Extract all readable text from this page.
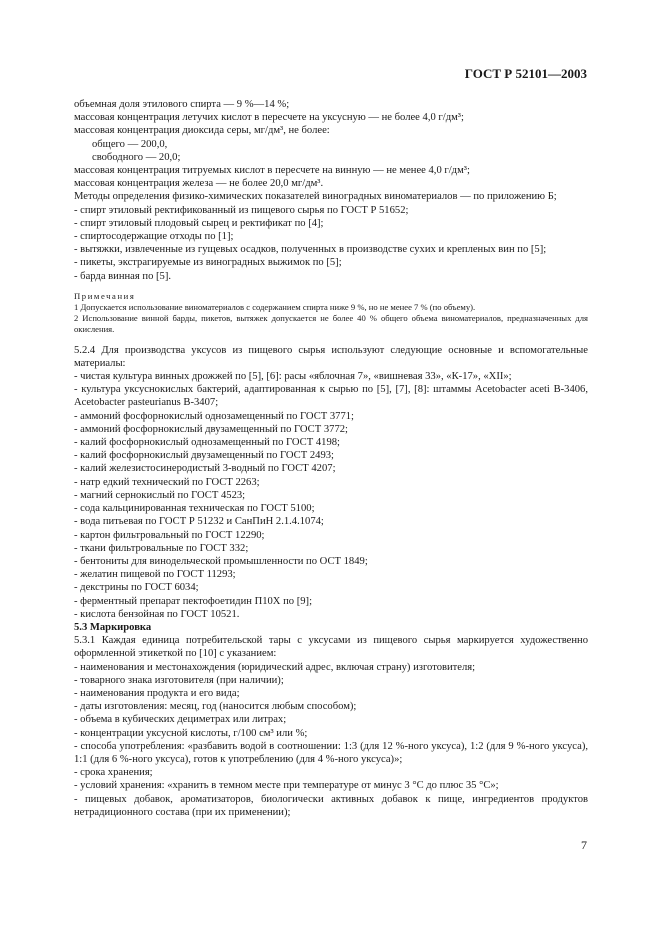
ГОСТ Р 52101—2003
объемная доля этилового спирта — 9 %—14 %;
массовая концентрация летучих кислот в пересчете на уксусную — не более 4,0 г/дм³;
массовая концентрация диоксида серы, мг/дм³, не более:
общего — 200,0,
свободного — 20,0;
массовая концентрация титруемых кислот в пересчете на винную — не менее 4,0 г/дм³;
массовая концентрация железа — не более 20,0 мг/дм³.
Методы определения физико-химических показателей виноградных виноматериалов — по приложению Б;
- спирт этиловый ректификованный из пищевого сырья по ГОСТ Р 51652;
- спирт этиловый плодовый сырец и ректификат по [4];
- спиртосодержащие отходы по [1];
- вытяжки, извлеченные из гущевых осадков, полученных в производстве сухих и крепленых вин по [5];
- пикеты, экстрагируемые из виноградных выжимок по [5];
- барда винная по [5].
Примечания
1 Допускается использование виноматериалов с содержанием спирта ниже 9 %, но не менее 7 % (по объему).
2 Использование винной барды, пикетов, вытяжек допускается не более 40 % общего объема виноматериалов, предназначенных для окисления.
5.2.4 Для производства уксусов из пищевого сырья используют следующие основные и вспомогательные материалы:
- чистая культура винных дрожжей по [5], [6]: расы «яблочная 7», «вишневая 33», «К-17», «XII»;
- культура уксуснокислых бактерий, адаптированная к сырью по [5], [7], [8]: штаммы Acetobacter aceti B-3406, Acetobacter pasteurianus B-3407;
- аммоний фосфорнокислый однозамещенный по ГОСТ 3771;
- аммоний фосфорнокислый двузамещенный по ГОСТ 3772;
- калий фосфорнокислый однозамещенный по ГОСТ 4198;
- калий фосфорнокислый двузамещенный по ГОСТ 2493;
- калий железистосинеродистый 3-водный по ГОСТ 4207;
- натр едкий технический по ГОСТ 2263;
- магний сернокислый по ГОСТ 4523;
- сода кальцинированная техническая по ГОСТ 5100;
- вода питьевая по ГОСТ Р 51232 и СанПиН 2.1.4.1074;
- картон фильтровальный по ГОСТ 12290;
- ткани фильтровальные по ГОСТ 332;
- бентониты для винодельческой промышленности по ОСТ 1849;
- желатин пищевой по ГОСТ 11293;
- декстрины по ГОСТ 6034;
- ферментный препарат пектофоетидин П10Х по [9];
- кислота бензойная по ГОСТ 10521.
5.3 Маркировка
5.3.1 Каждая единица потребительской тары с уксусами из пищевого сырья маркируется художественно оформленной этикеткой по [10] с указанием:
- наименования и местонахождения (юридический адрес, включая страну) изготовителя;
- товарного знака изготовителя (при наличии);
- наименования продукта и его вида;
- даты изготовления: месяц, год (наносится любым способом);
- объема в кубических дециметрах или литрах;
- концентрации уксусной кислоты, г/100 см³ или %;
- способа употребления: «разбавить водой в соотношении: 1:3 (для 12 %-ного уксуса), 1:2 (для 9 %-ного уксуса), 1:1 (для 6 %-ного уксуса), готов к употреблению (для 4 %-ного уксуса)»;
- срока хранения;
- условий хранения: «хранить в темном месте при температуре от минус 3 °С до плюс 35 °С»;
- пищевых добавок, ароматизаторов, биологически активных добавок к пище, ингредиентов продуктов нетрадиционного состава (при их применении);
7
